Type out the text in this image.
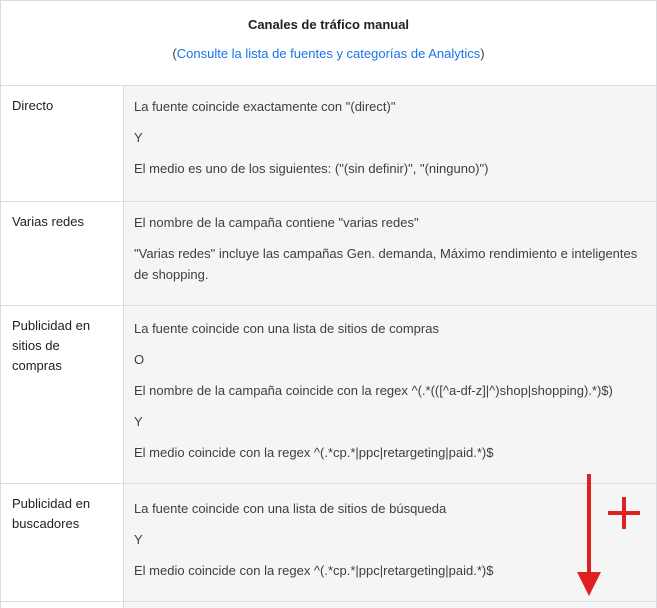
Canales de tráfico manual
(Consulte la lista de fuentes y categorías de Analytics)	

Directo	La fuente coincide exactamente con "(direct)"

Y

El medio es uno de los siguientes: ("(sin definir)", "(ninguno)")

Varias redes	El nombre de la campaña contiene "varias redes"

"Varias redes" incluye las campañas Gen. demanda, Máximo rendimiento e inteligentes de shopping.

Publicidad en sitios de compras	La fuente coincide con una lista de sitios de compras

O

El nombre de la campaña coincide con la regex ^(.*(([^a-df-z]|^)shop|shopping).*)$)

Y

El medio coincide con la regex ^(.*cp.*|ppc|retargeting|paid.*)$

Publicidad en buscadores	La fuente coincide con una lista de sitios de búsqueda

Y

El medio coincide con la regex ^(.*cp.*|ppc|retargeting|paid.*)$
